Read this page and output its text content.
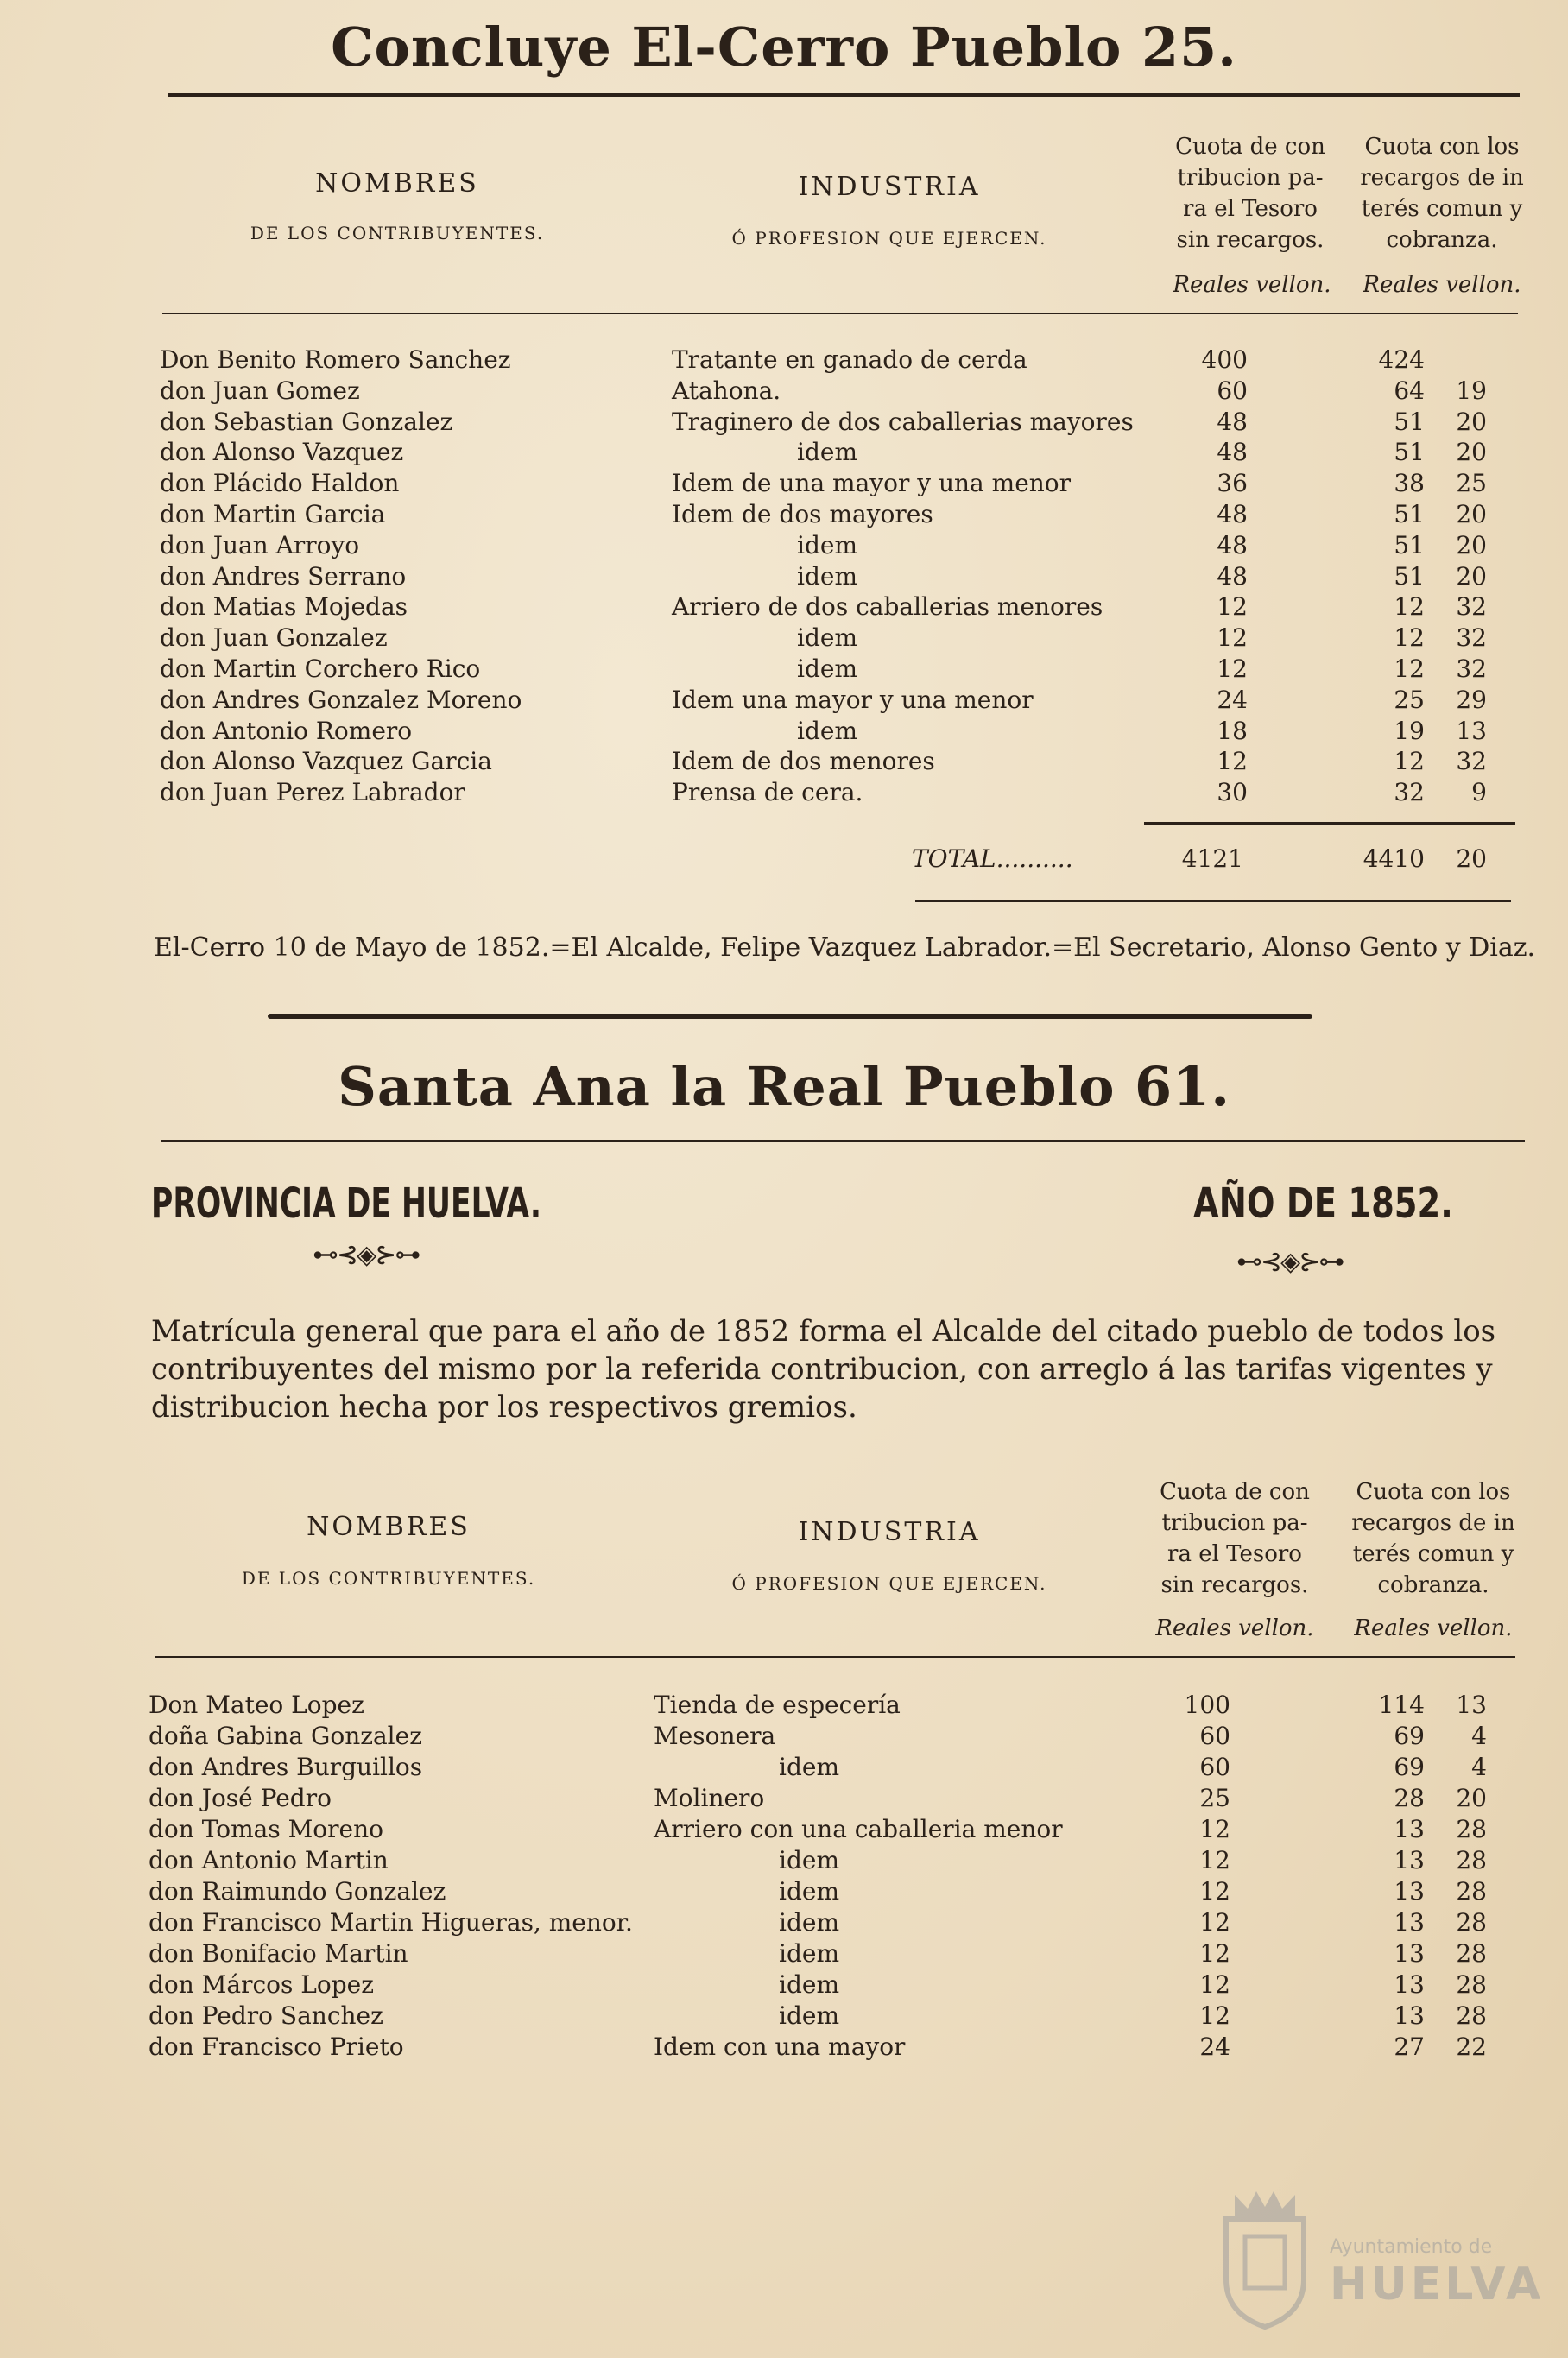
Concluye El-Cerro Pueblo 25.
NOMBRES
DE LOS CONTRIBUYENTES.
INDUSTRIA
Ó PROFESION QUE EJERCEN.
Cuota de con tribucion pa- ra el Tesoro sin recargos.
Cuota con los recargos de in terés comun y cobranza.
Reales vellon.	Reales vellon.
Don Benito Romero Sanchez	Tratante en ganado de cerda	400	424
don Juan Gomez	Atahona.	60	64	19
don Sebastian Gonzalez	Traginero de dos caballerias mayores	48	51	20
don Alonso Vazquez	idem	48	51	20
don Plácido Haldon	Idem de una mayor y una menor	36	38	25
don Martin Garcia	Idem de dos mayores	48	51	20
don Juan Arroyo	idem	48	51	20
don Andres Serrano	idem	48	51	20
don Matias Mojedas	Arriero de dos caballerias menores	12	12	32
don Juan Gonzalez	idem	12	12	32
don Martin Corchero Rico	idem	12	12	32
don Andres Gonzalez Moreno	Idem una mayor y una menor	24	25	29
don Antonio Romero	idem	18	19	13
don Alonso Vazquez Garcia	Idem de dos menores	12	12	32
don Juan Perez Labrador	Prensa de cera.	30	32	9
TOTAL..........	4121	4410	20
El-Cerro 10 de Mayo de 1852.=El Alcalde, Felipe Vazquez Labrador.=El Secretario, Alonso Gento y Diaz.
Santa Ana la Real Pueblo 61.
PROVINCIA DE HUELVA.	AÑO DE 1852.
⊷⊰◈⊱⊶	⊷⊰◈⊱⊶
Matrícula general que para el año de 1852 forma el Alcalde del citado pueblo de todos los contribuyentes del mismo por la referida contribucion, con arreglo á las tarifas vigentes y distribucion hecha por los respectivos gremios.
NOMBRES
DE LOS CONTRIBUYENTES.
INDUSTRIA
Ó PROFESION QUE EJERCEN.
Cuota de con tribucion pa- ra el Tesoro sin recargos.
Cuota con los recargos de in terés comun y cobranza.
Reales vellon.	Reales vellon.
Don Mateo Lopez	Tienda de especería	100	114	13
doña Gabina Gonzalez	Mesonera	60	69	4
don Andres Burguillos	idem	60	69	4
don José Pedro	Molinero	25	28	20
don Tomas Moreno	Arriero con una caballeria menor	12	13	28
don Antonio Martin	idem	12	13	28
don Raimundo Gonzalez	idem	12	13	28
don Francisco Martin Higueras, menor.	idem	12	13	28
don Bonifacio Martin	idem	12	13	28
don Márcos Lopez	idem	12	13	28
don Pedro Sanchez	idem	12	13	28
don Francisco Prieto	Idem con una mayor	24	27	22
Ayuntamiento de
HUELVA
